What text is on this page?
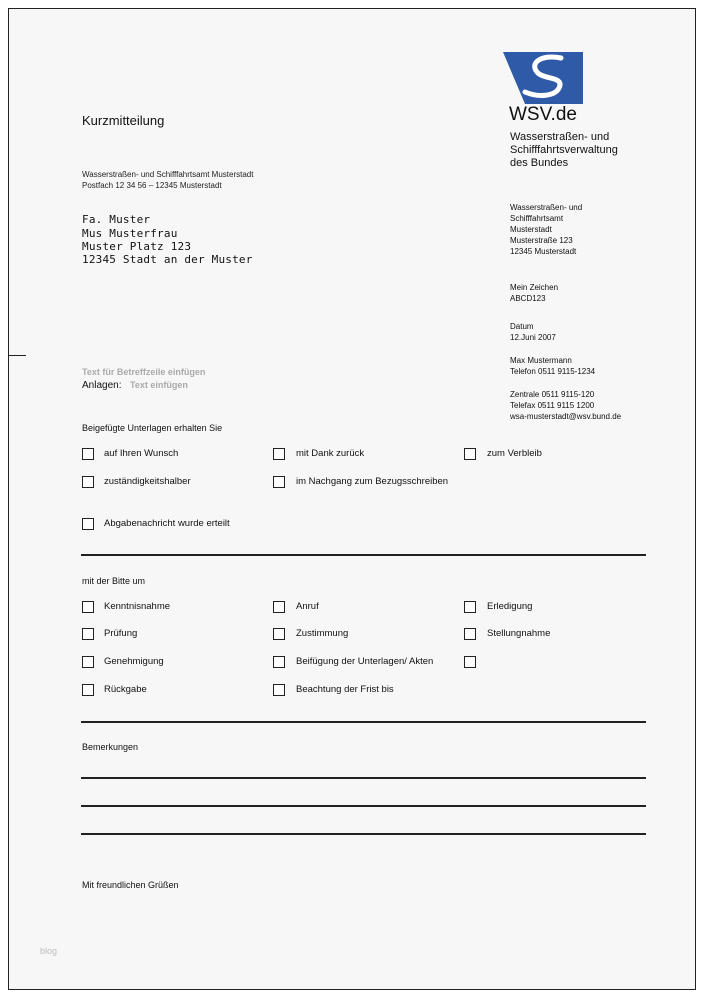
WSV.de
Wasserstraßen- und
Schifffahrtsverwaltung
des Bundes
Kurzmitteilung
Wasserstraßen- und Schifffahrtsamt Musterstadt
Postfach 12 34 56 – 12345 Musterstadt
Fa. Muster
Mus Musterfrau
Muster Platz 123
12345 Stadt an der Muster
Wasserstraßen- und
Schifffahrtsamt
Musterstadt
Musterstraße 123
12345 Musterstadt
Mein Zeichen
ABCD123
Datum
12.Juni 2007
Max Mustermann
Telefon 0511 9115-1234
Zentrale 0511 9115-120
Telefax 0511 9115 1200
wsa-musterstadt@wsv.bund.de
Text für Betreffzeile einfügen
Anlagen: Text einfügen
Beigefügte Unterlagen erhalten Sie
auf Ihren Wunsch	mit Dank zurück	zum Verbleib
zuständigkeitshalber	im Nachgang zum Bezugsschreiben
Abgabenachricht wurde erteilt
mit der Bitte um
Kenntnisnahme	Anruf	Erledigung
Prüfung	Zustimmung	Stellungnahme
Genehmigung	Beifügung der Unterlagen/ Akten
Rückgabe	Beachtung der Frist bis
Bemerkungen
Mit freundlichen Grüßen
blog
